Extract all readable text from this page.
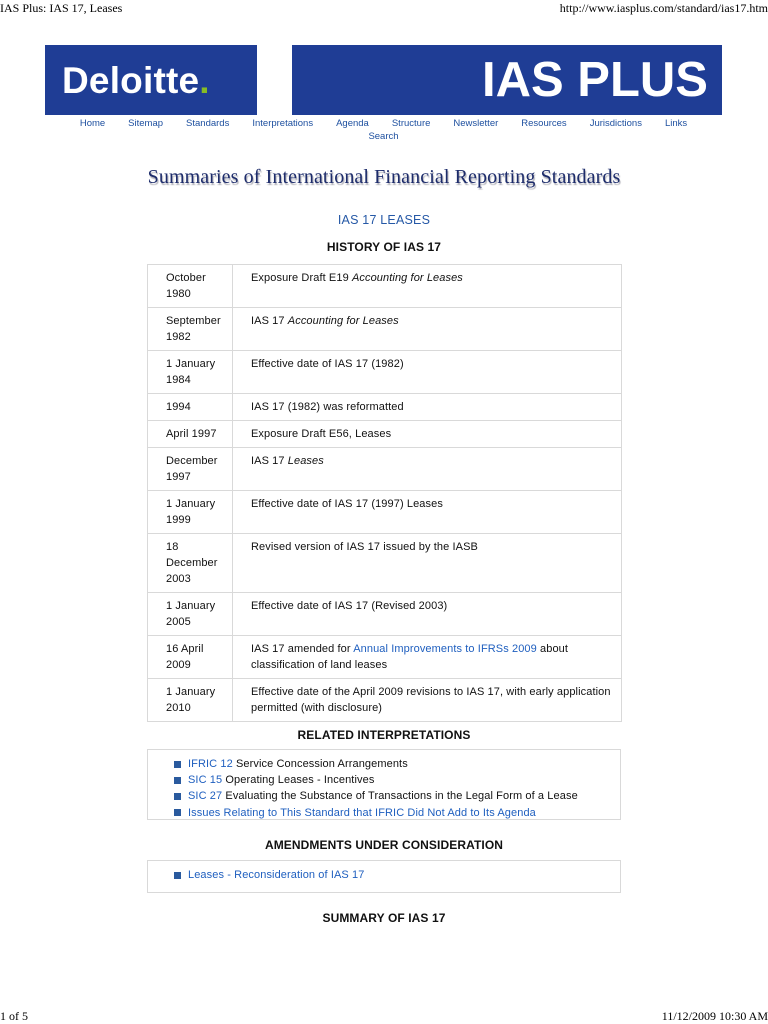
IAS Plus: IAS 17, Leases	http://www.iasplus.com/standard/ias17.htm
Deloitte .	IAS PLUS
Home Sitemap Standards Interpretations Agenda Structure Newsletter Resources Jurisdictions Links
Search
Summaries of International Financial Reporting Standards
IAS 17 LEASES
HISTORY OF IAS 17
October 1980	Exposure Draft E19 Accounting for Leases
September 1982	IAS 17 Accounting for Leases
1 January 1984	Effective date of IAS 17 (1982)
1994	IAS 17 (1982) was reformatted
April 1997	Exposure Draft E56, Leases
December 1997	IAS 17 Leases
1 January 1999	Effective date of IAS 17 (1997) Leases
18 December 2003	Revised version of IAS 17 issued by the IASB
1 January 2005	Effective date of IAS 17 (Revised 2003)
16 April 2009	IAS 17 amended for Annual Improvements to IFRSs 2009 about classification of land leases
1 January 2010	Effective date of the April 2009 revisions to IAS 17, with early application permitted (with disclosure)
RELATED INTERPRETATIONS
IFRIC 12 Service Concession Arrangements
SIC 15 Operating Leases - Incentives
SIC 27 Evaluating the Substance of Transactions in the Legal Form of a Lease
Issues Relating to This Standard that IFRIC Did Not Add to Its Agenda
AMENDMENTS UNDER CONSIDERATION
Leases - Reconsideration of IAS 17
SUMMARY OF IAS 17
1 of 5	11/12/2009 10:30 AM
